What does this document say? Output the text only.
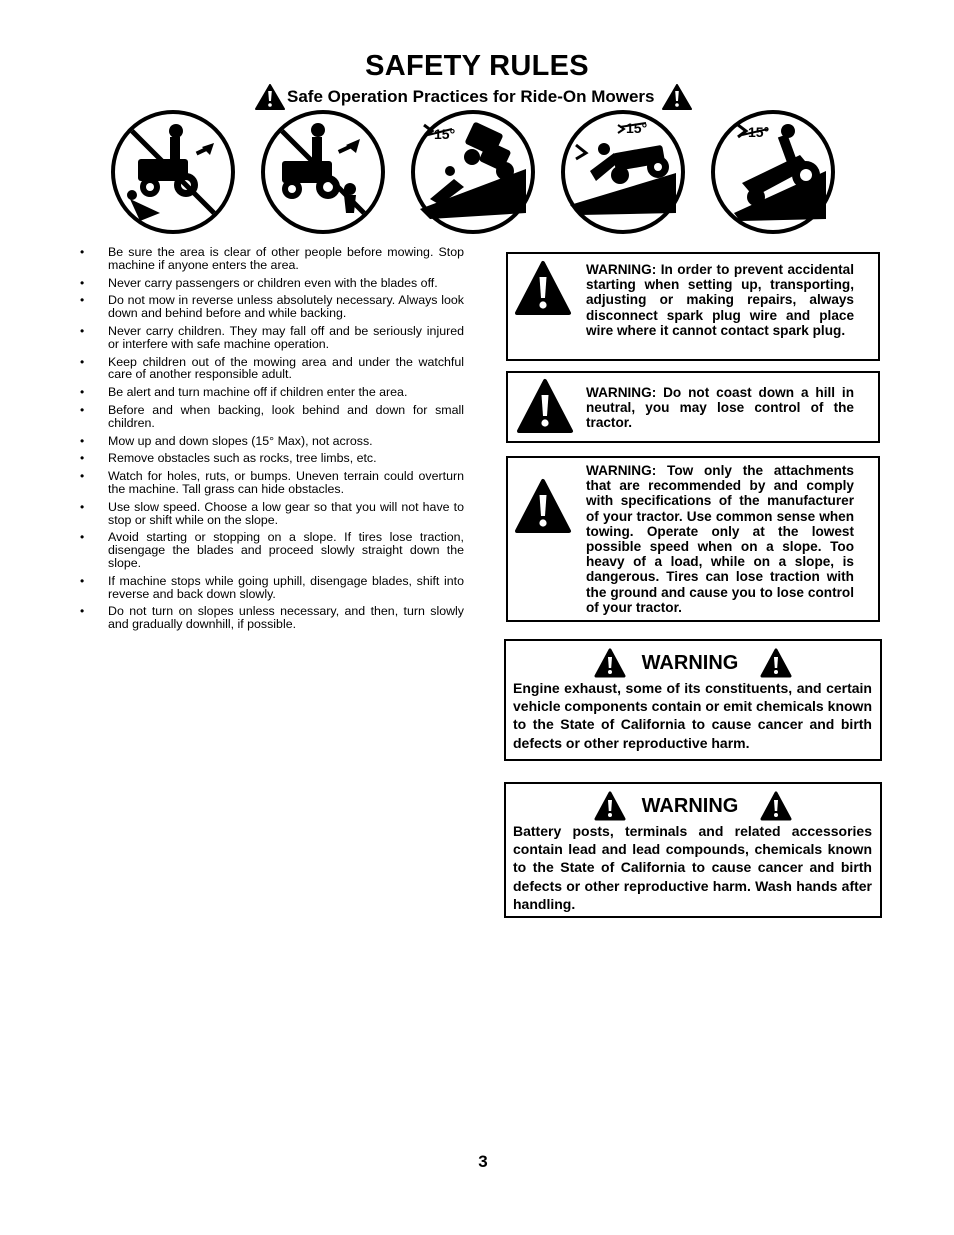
SAFETY RULES
Safe Operation Practices for Ride-On Mowers
15°	15°	15°
• Be sure the area is clear of other people before mowing. Stop machine if anyone enters the area.
• Never carry passengers or children even with the blades off.
• Do not mow in reverse unless absolutely necessary. Always look down and behind before and while backing.
• Never carry children. They may fall off and be seriously injured or interfere with safe machine operation.
• Keep children out of the mowing area and under the watchful care of another responsible adult.
• Be alert and turn machine off if children enter the area.
• Before and when backing, look behind and down for small children.
• Mow up and down slopes (15° Max), not across.
• Remove obstacles such as rocks, tree limbs, etc.
• Watch for holes, ruts, or bumps. Uneven terrain could overturn the machine. Tall grass can hide obstacles.
• Use slow speed. Choose a low gear so that you will not have to stop or shift while on the slope.
• Avoid starting or stopping on a slope. If tires lose traction, disengage the blades and proceed slowly straight down the slope.
• If machine stops while going uphill, disengage blades, shift into reverse and back down slowly.
• Do not turn on slopes unless necessary, and then, turn slowly and gradually downhill, if possible.
WARNING: In order to prevent accidental starting when setting up, transporting, adjusting or making repairs, always disconnect spark plug wire and place wire where it cannot contact spark plug.
WARNING: Do not coast down a hill in neutral, you may lose control of the tractor.
WARNING: Tow only the attachments that are recommended by and comply with specifications of the manufacturer of your tractor. Use common sense when towing. Operate only at the lowest possible speed when on a slope. Too heavy of a load, while on a slope, is dangerous. Tires can lose traction with the ground and cause you to lose control of your tractor.
WARNING
Engine exhaust, some of its constituents, and certain vehicle components contain or emit chemicals known to the State of California to cause cancer and birth defects or other reproductive harm.
WARNING
Battery posts, terminals and related accessories contain lead and lead compounds, chemicals known to the State of California to cause cancer and birth defects or other reproductive harm. Wash hands after handling.
3
